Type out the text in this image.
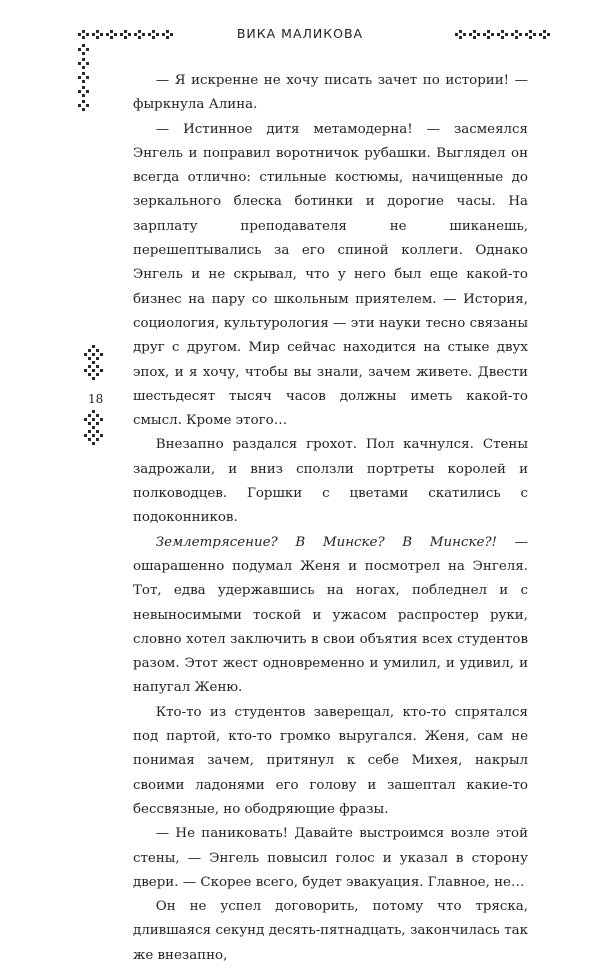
ВИКА МАЛИКОВА
18

— Я искренне не хочу писать зачет по истории! — фыркнула Алина.

— Истинное дитя метамодерна! — засмеялся Энгель и поправил воротничок рубашки. Выглядел он всегда отлично: стильные костюмы, начищенные до зеркального блеска ботинки и дорогие часы. На зарплату преподавателя не шиканешь, перешептывались за его спиной коллеги. Однако Энгель и не скрывал, что у него был еще какой-то бизнес на пару со школьным приятелем. — История, социология, культурология — эти науки тесно связаны друг с другом. Мир сейчас находится на стыке двух эпох, и я хочу, чтобы вы знали, зачем живете. Двести шестьдесят тысяч часов должны иметь какой-то смысл. Кроме этого…

Внезапно раздался грохот. Пол качнулся. Стены задрожали, и вниз сползли портреты королей и полководцев. Горшки с цветами скатились с подоконников.

Землетрясение? В Минске? В Минске?! — ошарашенно подумал Женя и посмотрел на Энгеля. Тот, едва удержавшись на ногах, побледнел и с невыносимыми тоской и ужасом распростер руки, словно хотел заключить в свои объятия всех студентов разом. Этот жест одновременно и умилил, и удивил, и напугал Женю.

Кто-то из студентов заверещал, кто-то спрятался под партой, кто-то громко выругался. Женя, сам не понимая зачем, притянул к себе Михея, накрыл своими ладонями его голову и зашептал какие-то бессвязные, но ободряющие фразы.

— Не паниковать! Давайте выстроимся возле этой стены, — Энгель повысил голос и указал в сторону двери. — Скорее всего, будет эвакуация. Главное, не…

Он не успел договорить, потому что тряска, длившаяся секунд десять-пятнадцать, закончилась так же внезапно,
